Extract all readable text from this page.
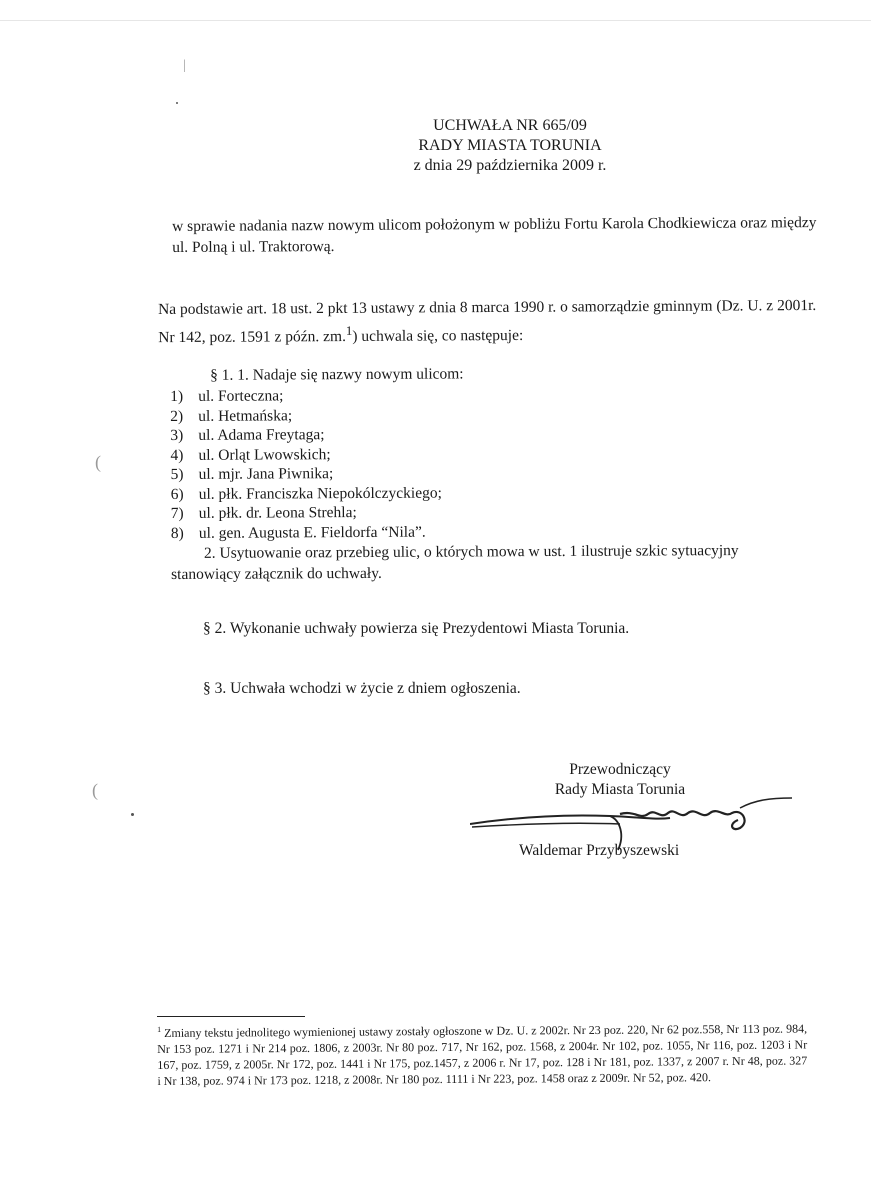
|
(
(
UCHWAŁA NR 665/09
RADY MIASTA TORUNIA
z dnia 29 października 2009 r.
w sprawie nadania nazw nowym ulicom położonym w pobliżu Fortu Karola Chodkiewicza oraz między ul. Polną i ul. Traktorową.
Na podstawie art. 18 ust. 2 pkt 13 ustawy z dnia 8 marca 1990 r. o samorządzie gminnym (Dz. U. z 2001r. Nr 142, poz. 1591 z późn. zm.$^1$) uchwala się, co następuje:
§ 1. 1. Nadaje się nazwy nowym ulicom:
1) ul. Forteczna;
2) ul. Hetmańska;
3) ul. Adama Freytaga;
4) ul. Orląt Lwowskich;
5) ul. mjr. Jana Piwnika;
6) ul. płk. Franciszka Niepokólczyckiego;
7) ul. płk. dr. Leona Strehla;
8) ul. gen. Augusta E. Fieldorfa “Nila”.
2. Usytuowanie oraz przebieg ulic, o których mowa w ust. 1 ilustruje szkic sytuacyjny
stanowiący załącznik do uchwały.
§ 2. Wykonanie uchwały powierza się Prezydentowi Miasta Torunia.
§ 3. Uchwała wchodzi w życie z dniem ogłoszenia.
Przewodniczący
Rady Miasta Torunia
Waldemar Przybyszewski
$^1$ Zmiany tekstu jednolitego wymienionej ustawy zostały ogłoszone w Dz. U. z 2002r. Nr 23 poz. 220, Nr 62 poz.558, Nr 113 poz. 984, Nr 153 poz. 1271 i Nr 214 poz. 1806, z 2003r. Nr 80 poz. 717, Nr 162, poz. 1568, z 2004r. Nr 102, poz. 1055, Nr 116, poz. 1203 i Nr 167, poz. 1759, z 2005r. Nr 172, poz. 1441 i Nr 175, poz.1457, z 2006 r. Nr 17, poz. 128 i Nr 181, poz. 1337, z 2007 r. Nr 48, poz. 327 i Nr 138, poz. 974 i Nr 173 poz. 1218, z 2008r. Nr 180 poz. 1111 i Nr 223, poz. 1458 oraz z 2009r. Nr 52, poz. 420.
